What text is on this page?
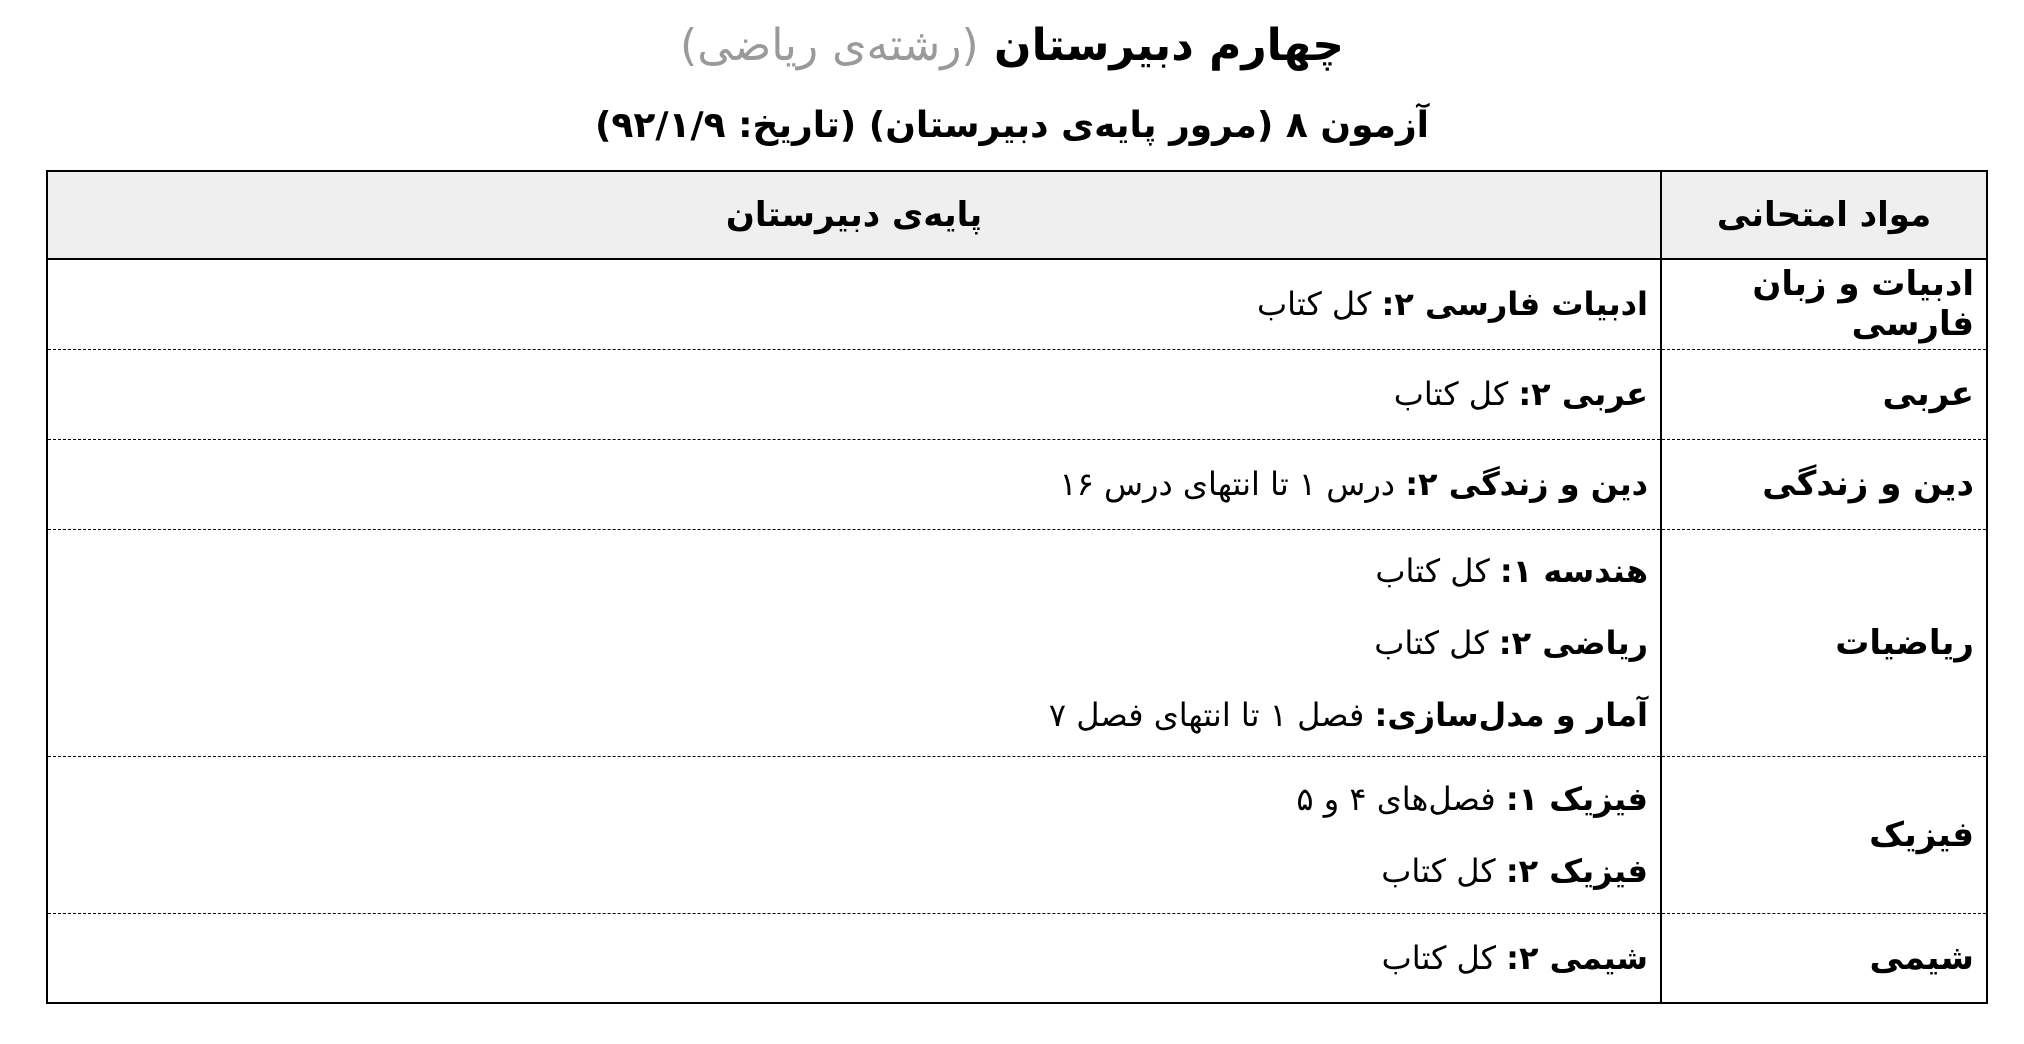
چهارم دبیرستان (رشته‌ی ریاضی)
آزمون ۸ (مرور پایه‌ی دبیرستان) (تاریخ: ۹۲/۱/۹)
مواد امتحانی	پایه‌ی دبیرستان
ادبیات و زبان فارسی	ادبیات فارسی ۲: کل کتاب

عربی	عربی ۲: کل کتاب

دین و زندگی	دین و زندگی ۲: درس ۱ تا انتهای درس ۱۶

ریاضیات	هندسه ۱: کل کتاب
ریاضی ۲: کل کتاب
آمار و مدل‌سازی: فصل ۱ تا انتهای فصل ۷

فیزیک	فیزیک ۱: فصل‌های ۴ و ۵
فیزیک ۲: کل کتاب

شیمی	شیمی ۲: کل کتاب
